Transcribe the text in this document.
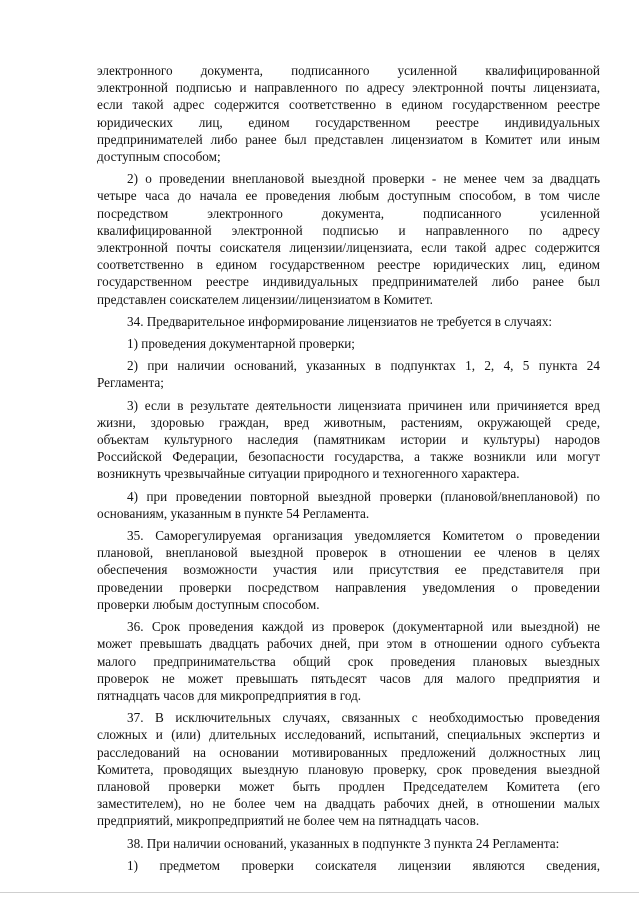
электронного документа, подписанного усиленной квалифицированной
электронной подписью и направленного по адресу электронной почты лицензиата,
если такой адрес содержится соответственно в едином государственном реестре
юридических лиц, едином государственном реестре индивидуальных
предпринимателей либо ранее был представлен лицензиатом в Комитет или иным
доступным способом;
2) о проведении внеплановой выездной проверки - не менее чем за двадцать
четыре часа до начала ее проведения любым доступным способом, в том числе
посредством электронного документа, подписанного усиленной
квалифицированной электронной подписью и направленного по адресу
электронной почты соискателя лицензии/лицензиата, если такой адрес содержится
соответственно в едином государственном реестре юридических лиц, едином
государственном реестре индивидуальных предпринимателей либо ранее был
представлен соискателем лицензии/лицензиатом в Комитет.
34. Предварительное информирование лицензиатов не требуется в случаях:
1) проведения документарной проверки;
2) при наличии оснований, указанных в подпунктах 1, 2, 4, 5 пункта 24
Регламента;
3) если в результате деятельности лицензиата причинен или причиняется вред
жизни, здоровью граждан, вред животным, растениям, окружающей среде,
объектам культурного наследия (памятникам истории и культуры) народов
Российской Федерации, безопасности государства, а также возникли или могут
возникнуть чрезвычайные ситуации природного и техногенного характера.
4) при проведении повторной выездной проверки (плановой/внеплановой) по
основаниям, указанным в пункте 54 Регламента.
35. Саморегулируемая организация уведомляется Комитетом о проведении
плановой, внеплановой выездной проверок в отношении ее членов в целях
обеспечения возможности участия или присутствия ее представителя при
проведении проверки посредством направления уведомления о проведении
проверки любым доступным способом.
36. Срок проведения каждой из проверок (документарной или выездной) не
может превышать двадцать рабочих дней, при этом в отношении одного субъекта
малого предпринимательства общий срок проведения плановых выездных
проверок не может превышать пятьдесят часов для малого предприятия и
пятнадцать часов для микропредприятия в год.
37. В исключительных случаях, связанных с необходимостью проведения
сложных и (или) длительных исследований, испытаний, специальных экспертиз и
расследований на основании мотивированных предложений должностных лиц
Комитета, проводящих выездную плановую проверку, срок проведения выездной
плановой проверки может быть продлен Председателем Комитета (его
заместителем), но не более чем на двадцать рабочих дней, в отношении малых
предприятий, микропредприятий не более чем на пятнадцать часов.
38. При наличии оснований, указанных в подпункте 3 пункта 24 Регламента:
1) предметом проверки соискателя лицензии являются сведения,
